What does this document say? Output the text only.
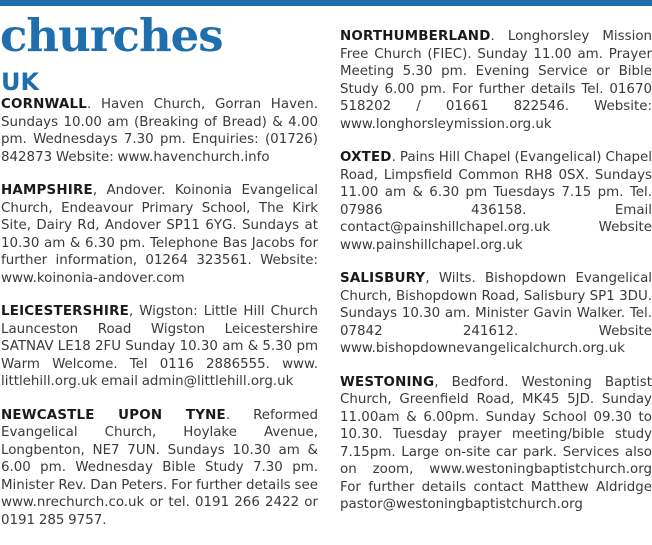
churches
UK

CORNWALL. Haven Church, Gorran Haven. Sundays 10.00 am (Breaking of Bread) & 4.00 pm. Wednesdays 7.30 pm. Enquiries: (01726) 842873 Website: www.havenchurch.info

HAMPSHIRE, Andover. Koinonia Evangelical Church, Endeavour Primary School, The Kirk Site, Dairy Rd, Andover SP11 6YG. Sundays at 10.30 am & 6.30 pm. Telephone Bas Jacobs for further information, 01264 323561. Website: www.koinonia-andover.com

LEICESTERSHIRE, Wigston: Little Hill Church Launceston Road Wigston Leicestershire SATNAV LE18 2FU Sunday 10.30 am & 5.30 pm Warm Welcome. Tel 0116 2886555. www. littlehill.org.uk email admin@littlehill.org.uk

NEWCASTLE UPON TYNE. Reformed Evangelical Church, Hoylake Avenue, Longbenton, NE7 7UN. Sundays 10.30 am & 6.00 pm. Wednesday Bible Study 7.30 pm. Minister Rev. Dan Peters. For further details see www.nrechurch.co.uk or tel. 0191 266 2422 or 0191 285 9757.

NORTHUMBERLAND. Longhorsley Mission Free Church (FIEC). Sunday 11.00 am. Prayer Meeting 5.30 pm. Evening Service or Bible Study 6.00 pm. For further details Tel. 01670 518202 / 01661 822546. Website: www.longhorsleymission.org.uk

OXTED. Pains Hill Chapel (Evangelical) Chapel Road, Limpsfield Common RH8 0SX. Sundays 11.00 am & 6.30 pm Tuesdays 7.15 pm. Tel. 07986 436158. Email contact@painshillchapel.org.uk Website www.painshillchapel.org.uk

SALISBURY, Wilts. Bishopdown Evangelical Church, Bishopdown Road, Salisbury SP1 3DU. Sundays 10.30 am. Minister Gavin Walker. Tel. 07842 241612. Website www.bishopdownevangelicalchurch.org.uk

WESTONING, Bedford. Westoning Baptist Church, Greenfield Road, MK45 5JD. Sunday 11.00am & 6.00pm. Sunday School 09.30 to 10.30. Tuesday prayer meeting/bible study 7.15pm. Large on-site car park. Services also on zoom, www.westoningbaptistchurch.org For further details contact Matthew Aldridge pastor@westoningbaptistchurch.org
